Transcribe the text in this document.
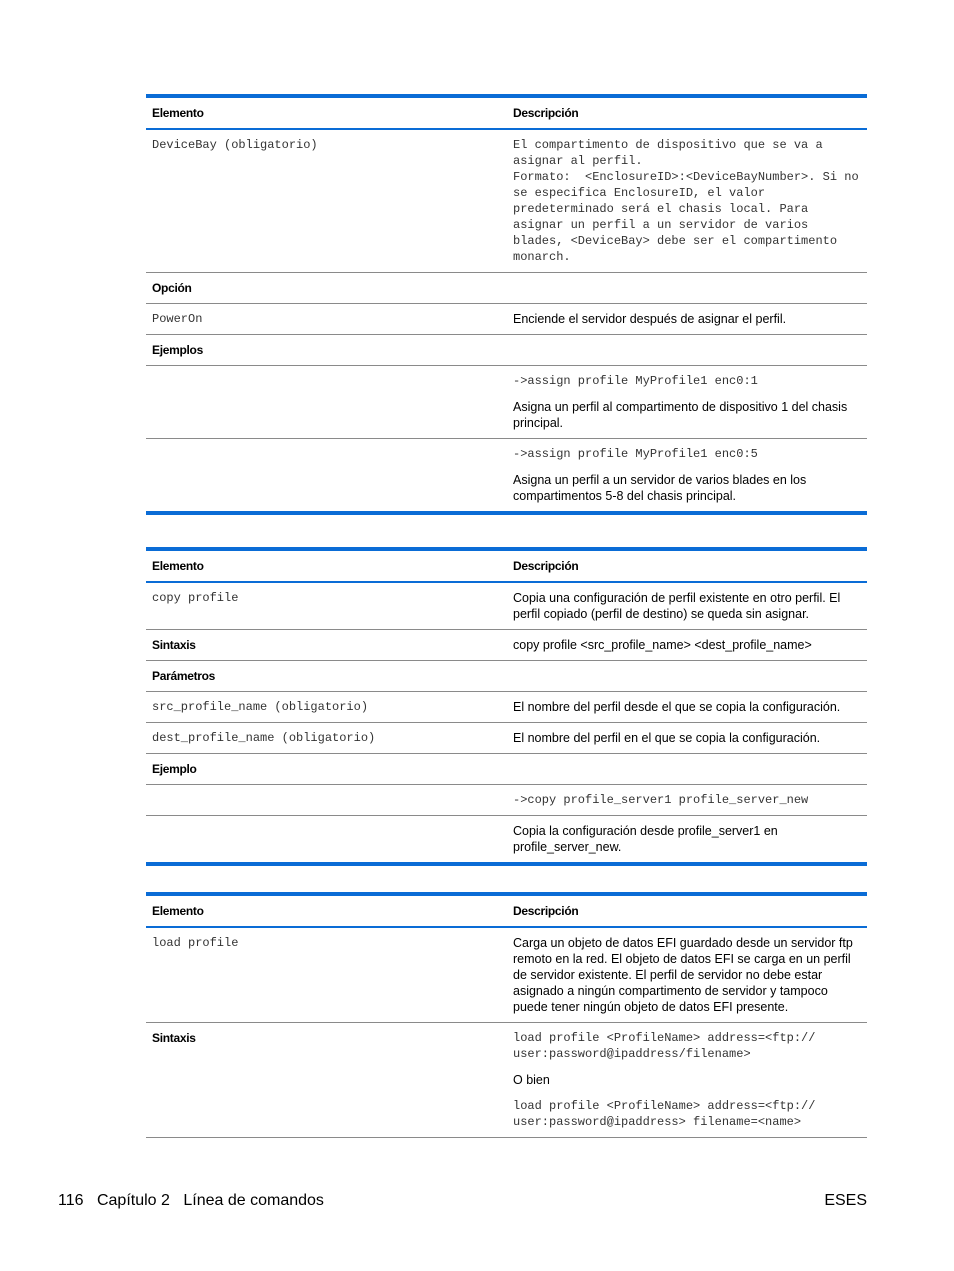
Elemento	Descripción
DeviceBay (obligatorio)	El compartimento de dispositivo que se va a asignar al perfil.
Formato:  <EnclosureID>:<DeviceBayNumber>. Si no se especifica EnclosureID, el valor predeterminado será el chasis local. Para asignar un perfil a un servidor de varios blades, <DeviceBay> debe ser el compartimento monarch.
Opción
PowerOn	Enciende el servidor después de asignar el perfil.
Ejemplos
->assign profile MyProfile1 enc0:1
Asigna un perfil al compartimento de dispositivo 1 del chasis principal.
->assign profile MyProfile1 enc0:5
Asigna un perfil a un servidor de varios blades en los compartimentos 5-8 del chasis principal.
Elemento	Descripción
copy profile	Copia una configuración de perfil existente en otro perfil. El perfil copiado (perfil de destino) se queda sin asignar.
Sintaxis	copy profile <src_profile_name> <dest_profile_name>
Parámetros
src_profile_name (obligatorio)	El nombre del perfil desde el que se copia la configuración.
dest_profile_name (obligatorio)	El nombre del perfil en el que se copia la configuración.
Ejemplo
->copy profile_server1 profile_server_new
Copia la configuración desde profile_server1 en profile_server_new.
Elemento	Descripción
load profile	Carga un objeto de datos EFI guardado desde un servidor ftp remoto en la red. El objeto de datos EFI se carga en un perfil de servidor existente. El perfil de servidor no debe estar asignado a ningún compartimento de servidor y tampoco puede tener ningún objeto de datos EFI presente.
Sintaxis	load profile <ProfileName> address=<ftp://
user:password@ipaddress/filename>
O bien
load profile <ProfileName> address=<ftp://
user:password@ipaddress> filename=<name>
116 Capítulo 2 Línea de comandos	ESES
